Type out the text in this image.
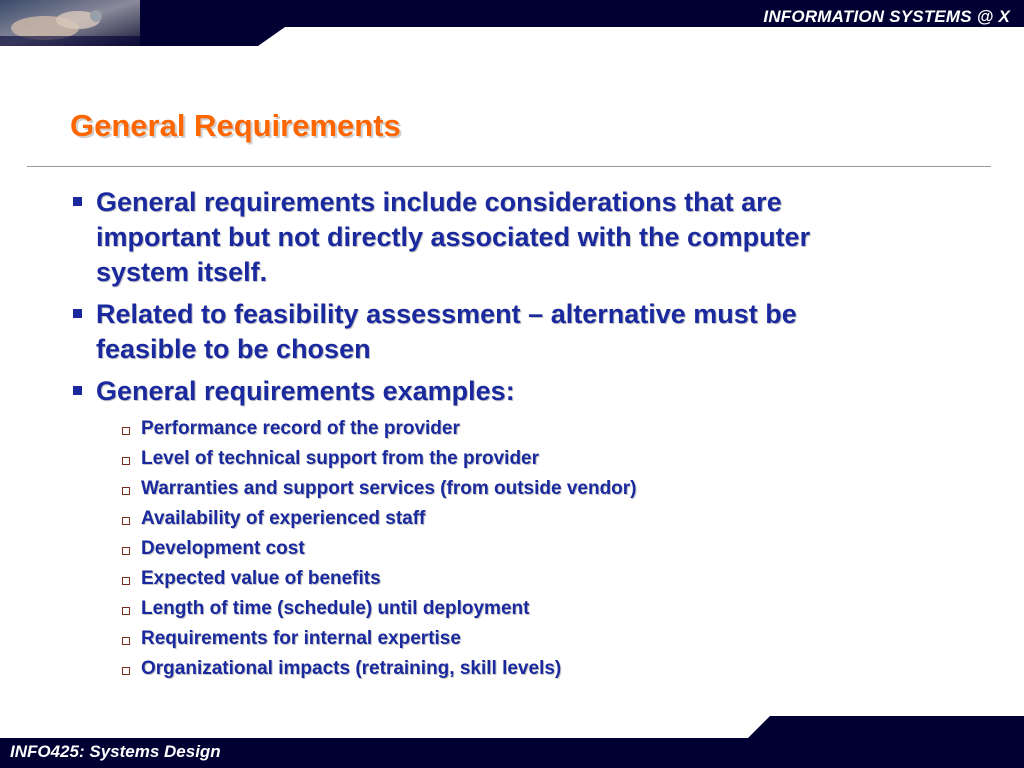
INFORMATION SYSTEMS @ X
General Requirements
General requirements include considerations that are important but not directly associated with the computer system itself.
Related to feasibility assessment – alternative must be feasible to be chosen
General requirements examples:
Performance record of the provider
Level of technical support from the provider
Warranties and support services (from outside vendor)
Availability of experienced staff
Development cost
Expected value of benefits
Length of time (schedule) until deployment
Requirements for internal expertise
Organizational impacts (retraining, skill levels)
INFO425: Systems Design
